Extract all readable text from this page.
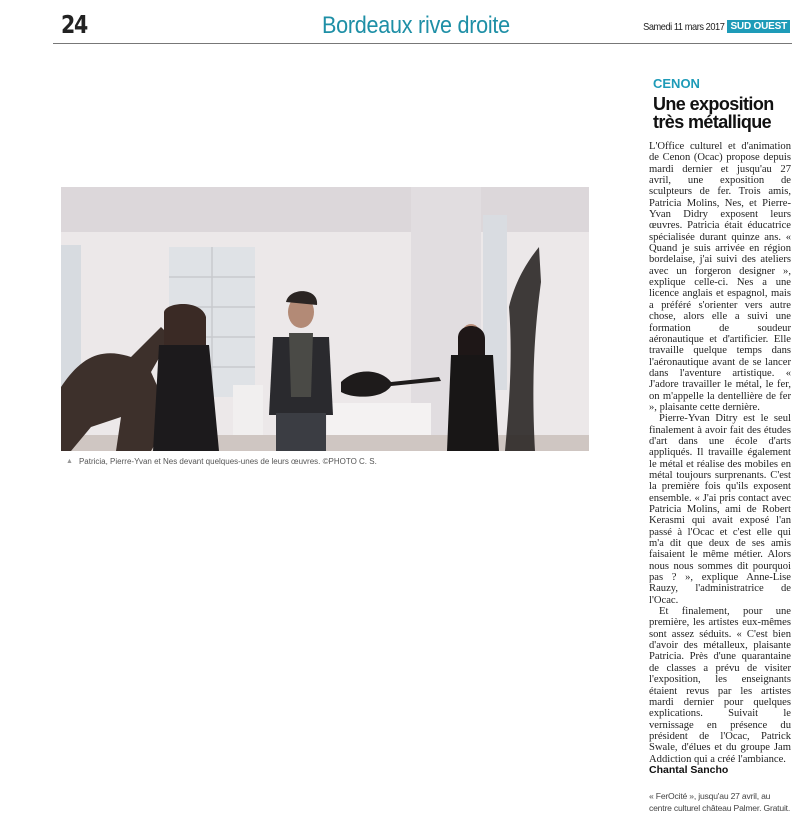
24	Bordeaux rive droite	Samedi 11 mars 2017 SUD OUEST
▲ Patricia, Pierre-Yvan et Nes devant quelques-unes de leurs œuvres. ©PHOTO C. S.
CENON
Une exposition
très métallique

L'Office culturel et d'animation de Cenon (Ocac) propose depuis mardi dernier et jusqu'au 27 avril, une exposition de sculpteurs de fer. Trois amis, Patricia Molins, Nes, et Pierre-Yvan Didry exposent leurs œuvres. Patricia était éducatrice spécialisée durant quinze ans. « Quand je suis arrivée en région bordelaise, j'ai suivi des ateliers avec un forgeron designer », explique celle-ci. Nes a une licence anglais et espagnol, mais a préféré s'orienter vers autre chose, alors elle a suivi une formation de soudeur aéronautique et d'artificier. Elle travaille quelque temps dans l'aéronautique avant de se lancer dans l'aventure artistique. « J'adore travailler le métal, le fer, on m'appelle la dentellière de fer », plaisante cette dernière.

Pierre-Yvan Ditry est le seul finalement à avoir fait des études d'art dans une école d'arts appliqués. Il travaille également le métal et réalise des mobiles en métal toujours surprenants. C'est la première fois qu'ils exposent ensemble. « J'ai pris contact avec Patricia Molins, ami de Robert Kerasmi qui avait exposé l'an passé à l'Ocac et c'est elle qui m'a dit que deux de ses amis faisaient le même métier. Alors nous nous sommes dit pourquoi pas ? », explique Anne-Lise Rauzy, l'administratrice de l'Ocac.

Et finalement, pour une première, les artistes eux-mêmes sont assez séduits. « C'est bien d'avoir des métalleux, plaisante Patricia. Près d'une quarantaine de classes a prévu de visiter l'exposition, les enseignants étaient revus par les artistes mardi dernier pour quelques explications. Suivait le vernissage en présence du président de l'Ocac, Patrick Swale, d'élues et du groupe Jam Addiction qui a créé l'ambiance.

Chantal Sancho
« FerOcité », jusqu'au 27 avril, au centre culturel château Palmer. Gratuit.
